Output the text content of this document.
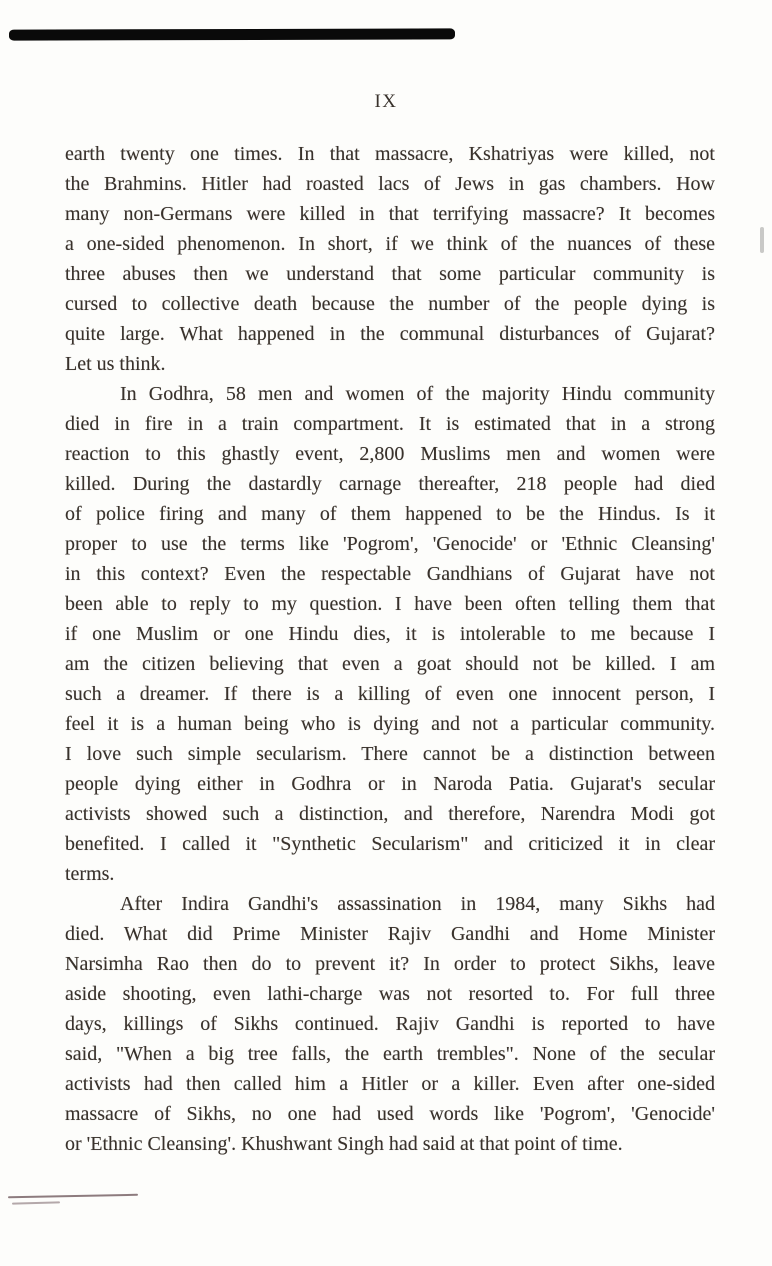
IX
earth twenty one times. In that massacre, Kshatriyas were killed, not
the Brahmins. Hitler had roasted lacs of Jews in gas chambers. How
many non-Germans were killed in that terrifying massacre? It becomes
a one-sided phenomenon. In short, if we think of the nuances of these
three abuses then we understand that some particular community is
cursed to collective death because the number of the people dying is
quite large. What happened in the communal disturbances of Gujarat?
Let us think.
In Godhra, 58 men and women of the majority Hindu community
died in fire in a train compartment. It is estimated that in a strong
reaction to this ghastly event, 2,800 Muslims men and women were
killed. During the dastardly carnage thereafter, 218 people had died
of police firing and many of them happened to be the Hindus. Is it
proper to use the terms like 'Pogrom', 'Genocide' or 'Ethnic Cleansing'
in this context? Even the respectable Gandhians of Gujarat have not
been able to reply to my question. I have been often telling them that
if one Muslim or one Hindu dies, it is intolerable to me because I
am the citizen believing that even a goat should not be killed. I am
such a dreamer. If there is a killing of even one innocent person, I
feel it is a human being who is dying and not a particular community.
I love such simple secularism. There cannot be a distinction between
people dying either in Godhra or in Naroda Patia. Gujarat's secular
activists showed such a distinction, and therefore, Narendra Modi got
benefited. I called it "Synthetic Secularism" and criticized it in clear
terms.
After Indira Gandhi's assassination in 1984, many Sikhs had
died. What did Prime Minister Rajiv Gandhi and Home Minister
Narsimha Rao then do to prevent it? In order to protect Sikhs, leave
aside shooting, even lathi-charge was not resorted to. For full three
days, killings of Sikhs continued. Rajiv Gandhi is reported to have
said, "When a big tree falls, the earth trembles". None of the secular
activists had then called him a Hitler or a killer. Even after one-sided
massacre of Sikhs, no one had used words like 'Pogrom', 'Genocide'
or 'Ethnic Cleansing'. Khushwant Singh had said at that point of time.
